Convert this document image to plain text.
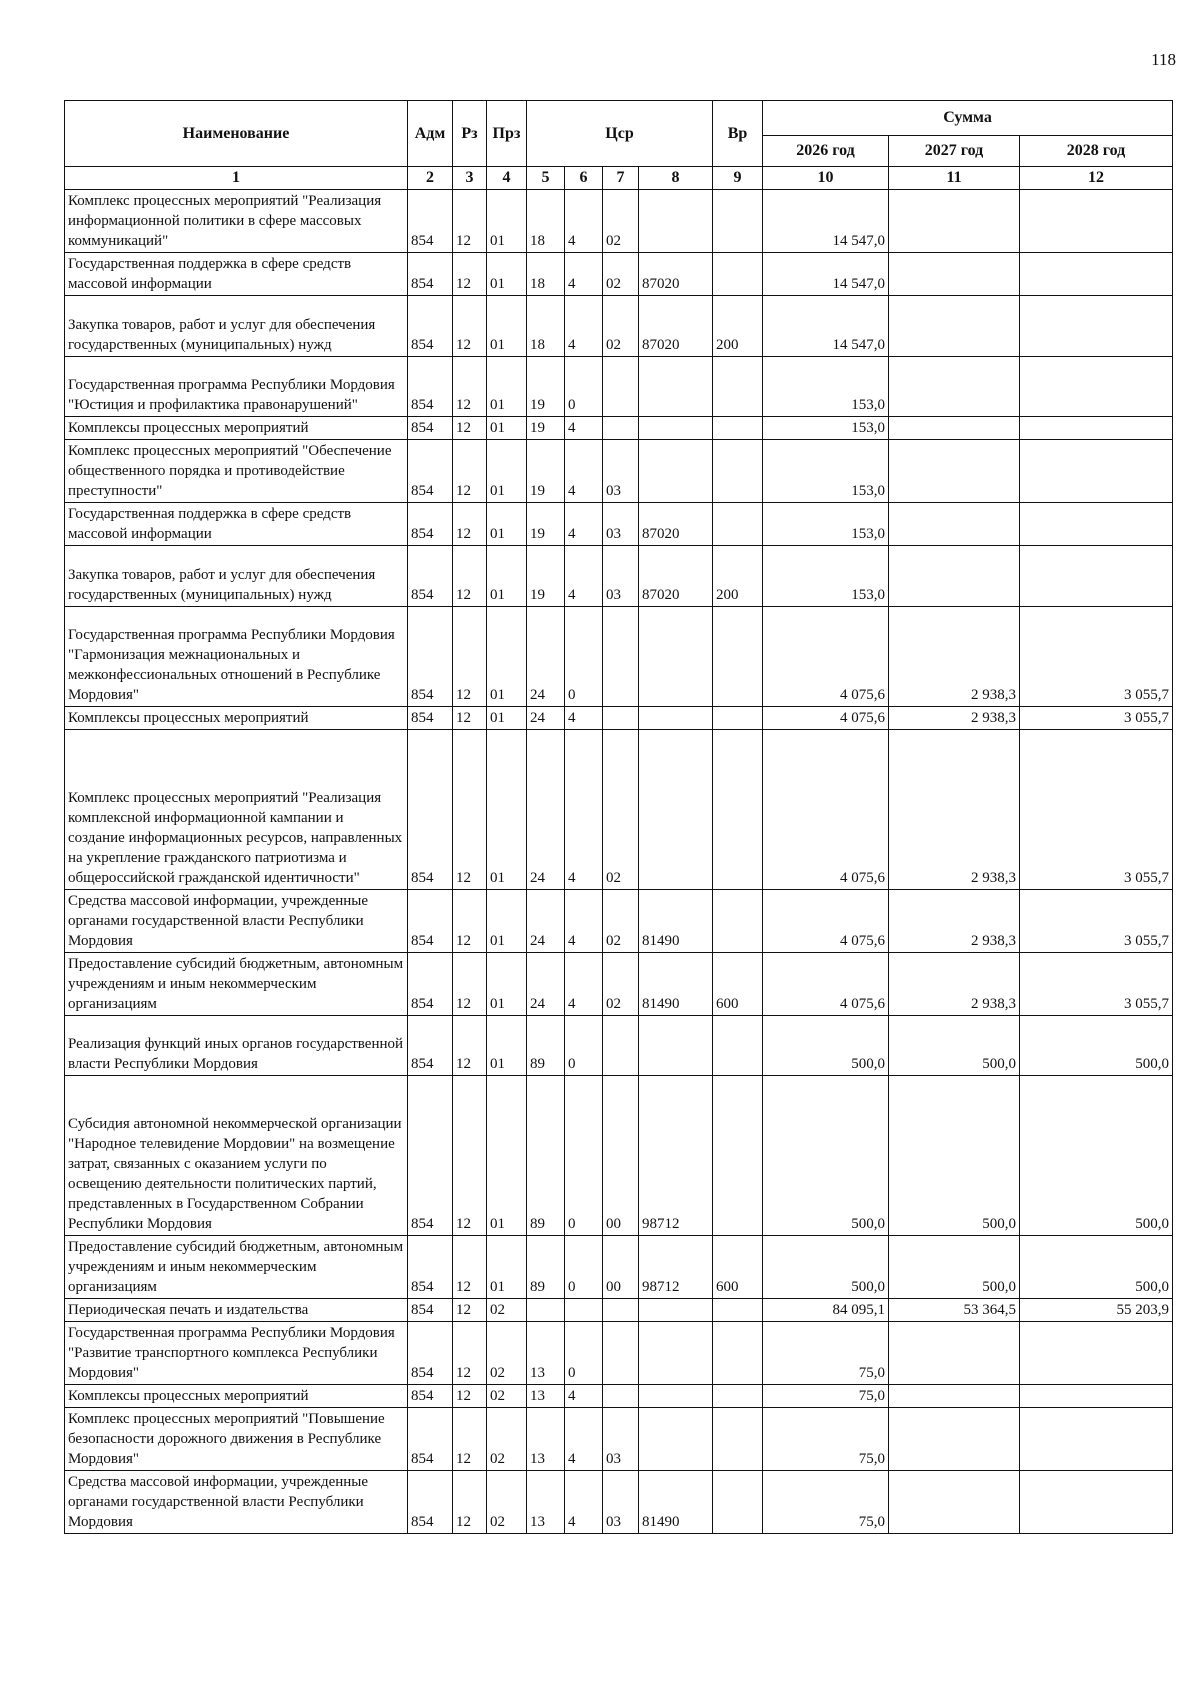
118
Наименование	Адм	Рз	Прз	Цср				Вр	Сумма		
									2026 год	2027 год	2028 год
1	2	3	4	5	6	7	8	9	10	11	12
Комплекс процессных мероприятий "Реализация информационной политики в сфере массовых коммуникаций"	854	12	01	18	4	02			14 547,0		
Государственная поддержка в сфере средств массовой информации	854	12	01	18	4	02	87020		14 547,0		
Закупка товаров, работ и услуг для обеспечения государственных (муниципальных) нужд	854	12	01	18	4	02	87020	200	14 547,0		
Государственная программа Республики Мордовия "Юстиция и профилактика правонарушений"	854	12	01	19	0				153,0		
Комплексы процессных мероприятий	854	12	01	19	4				153,0		
Комплекс процессных мероприятий "Обеспечение общественного порядка и противодействие преступности"	854	12	01	19	4	03			153,0		
Государственная поддержка в сфере средств массовой информации	854	12	01	19	4	03	87020		153,0		
Закупка товаров, работ и услуг для обеспечения государственных (муниципальных) нужд	854	12	01	19	4	03	87020	200	153,0		
Государственная программа Республики Мордовия "Гармонизация межнациональных и межконфессиональных отношений в Республике Мордовия"	854	12	01	24	0				4 075,6	2 938,3	3 055,7
Комплексы процессных мероприятий	854	12	01	24	4				4 075,6	2 938,3	3 055,7
Комплекс процессных мероприятий "Реализация комплексной информационной кампании и создание информационных ресурсов, направленных на укрепление гражданского патриотизма и общероссийской гражданской идентичности"	854	12	01	24	4	02			4 075,6	2 938,3	3 055,7
Средства массовой информации, учрежденные органами государственной власти Республики Мордовия	854	12	01	24	4	02	81490		4 075,6	2 938,3	3 055,7
Предоставление субсидий бюджетным, автономным учреждениям и иным некоммерческим организациям	854	12	01	24	4	02	81490	600	4 075,6	2 938,3	3 055,7
Реализация функций иных органов государственной власти Республики Мордовия	854	12	01	89	0				500,0	500,0	500,0
Субсидия автономной некоммерческой организации "Народное телевидение Мордовии" на возмещение затрат, связанных с оказанием услуги по освещению деятельности политических партий, представленных в Государственном Собрании Республики Мордовия	854	12	01	89	0	00	98712		500,0	500,0	500,0
Предоставление субсидий бюджетным, автономным учреждениям и иным некоммерческим организациям	854	12	01	89	0	00	98712	600	500,0	500,0	500,0
Периодическая печать и издательства	854	12	02						84 095,1	53 364,5	55 203,9
Государственная программа Республики Мордовия "Развитие транспортного комплекса Республики Мордовия"	854	12	02	13	0				75,0		
Комплексы процессных мероприятий	854	12	02	13	4				75,0		
Комплекс процессных мероприятий "Повышение безопасности дорожного движения в Республике Мордовия"	854	12	02	13	4	03			75,0		
Средства массовой информации, учрежденные органами государственной власти Республики Мордовия	854	12	02	13	4	03	81490		75,0		
